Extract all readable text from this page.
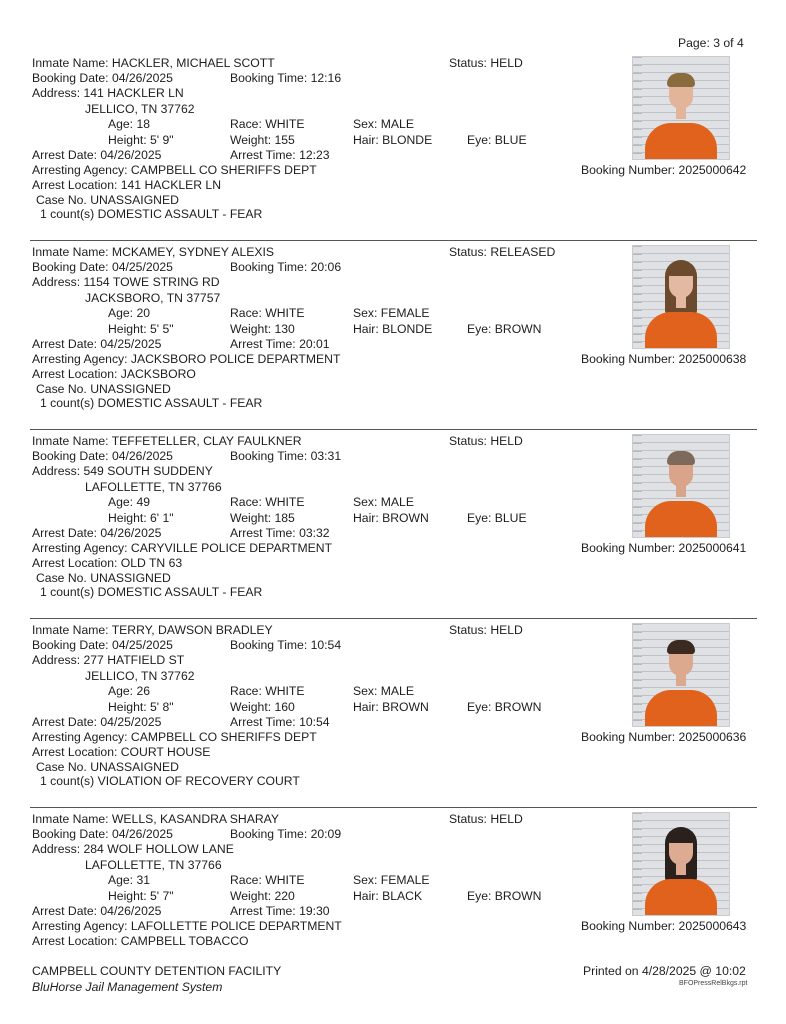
Page: 3 of 4
Inmate Name: HACKLER, MICHAEL SCOTT	Status: HELD
Booking Date: 04/26/2025	Booking Time: 12:16
Address: 141 HACKLER LN
JELLICO, TN 37762
Age: 18	Race: WHITE	Sex: MALE
Height: 5' 9"	Weight: 155	Hair: BLONDE	Eye: BLUE
Arrest Date: 04/26/2025	Arrest Time: 12:23
Arresting Agency: CAMPBELL CO SHERIFFS DEPT	Booking Number: 2025000642
Arrest Location: 141 HACKLER LN
Case No. UNASSAIGNED
1 count(s) DOMESTIC ASSAULT - FEAR
Inmate Name: MCKAMEY, SYDNEY ALEXIS	Status: RELEASED
Booking Date: 04/25/2025	Booking Time: 20:06
Address: 1154 TOWE STRING RD
JACKSBORO, TN 37757
Age: 20	Race: WHITE	Sex: FEMALE
Height: 5' 5"	Weight: 130	Hair: BLONDE	Eye: BROWN
Arrest Date: 04/25/2025	Arrest Time: 20:01
Arresting Agency: JACKSBORO POLICE DEPARTMENT	Booking Number: 2025000638
Arrest Location: JACKSBORO
Case No. UNASSIGNED
1 count(s) DOMESTIC ASSAULT - FEAR
Inmate Name: TEFFETELLER, CLAY FAULKNER	Status: HELD
Booking Date: 04/26/2025	Booking Time: 03:31
Address: 549 SOUTH SUDDENY
LAFOLLETTE, TN 37766
Age: 49	Race: WHITE	Sex: MALE
Height: 6' 1"	Weight: 185	Hair: BROWN	Eye: BLUE
Arrest Date: 04/26/2025	Arrest Time: 03:32
Arresting Agency: CARYVILLE POLICE DEPARTMENT	Booking Number: 2025000641
Arrest Location: OLD TN 63
Case No. UNASSIGNED
1 count(s) DOMESTIC ASSAULT - FEAR
Inmate Name: TERRY, DAWSON BRADLEY	Status: HELD
Booking Date: 04/25/2025	Booking Time: 10:54
Address: 277 HATFIELD ST
JELLICO, TN 37762
Age: 26	Race: WHITE	Sex: MALE
Height: 5' 8"	Weight: 160	Hair: BROWN	Eye: BROWN
Arrest Date: 04/25/2025	Arrest Time: 10:54
Arresting Agency: CAMPBELL CO SHERIFFS DEPT	Booking Number: 2025000636
Arrest Location: COURT HOUSE
Case No. UNASSAIGNED
1 count(s) VIOLATION OF RECOVERY COURT
Inmate Name: WELLS, KASANDRA SHARAY	Status: HELD
Booking Date: 04/26/2025	Booking Time: 20:09
Address: 284 WOLF HOLLOW LANE
LAFOLLETTE, TN 37766
Age: 31	Race: WHITE	Sex: FEMALE
Height: 5' 7"	Weight: 220	Hair: BLACK	Eye: BROWN
Arrest Date: 04/26/2025	Arrest Time: 19:30
Arresting Agency: LAFOLLETTE POLICE DEPARTMENT	Booking Number: 2025000643
Arrest Location: CAMPBELL TOBACCO
CAMPBELL COUNTY DETENTION FACILITY
BluHorse Jail Management System
Printed on 4/28/2025 @ 10:02
BFOPressRelBkgs.rpt
